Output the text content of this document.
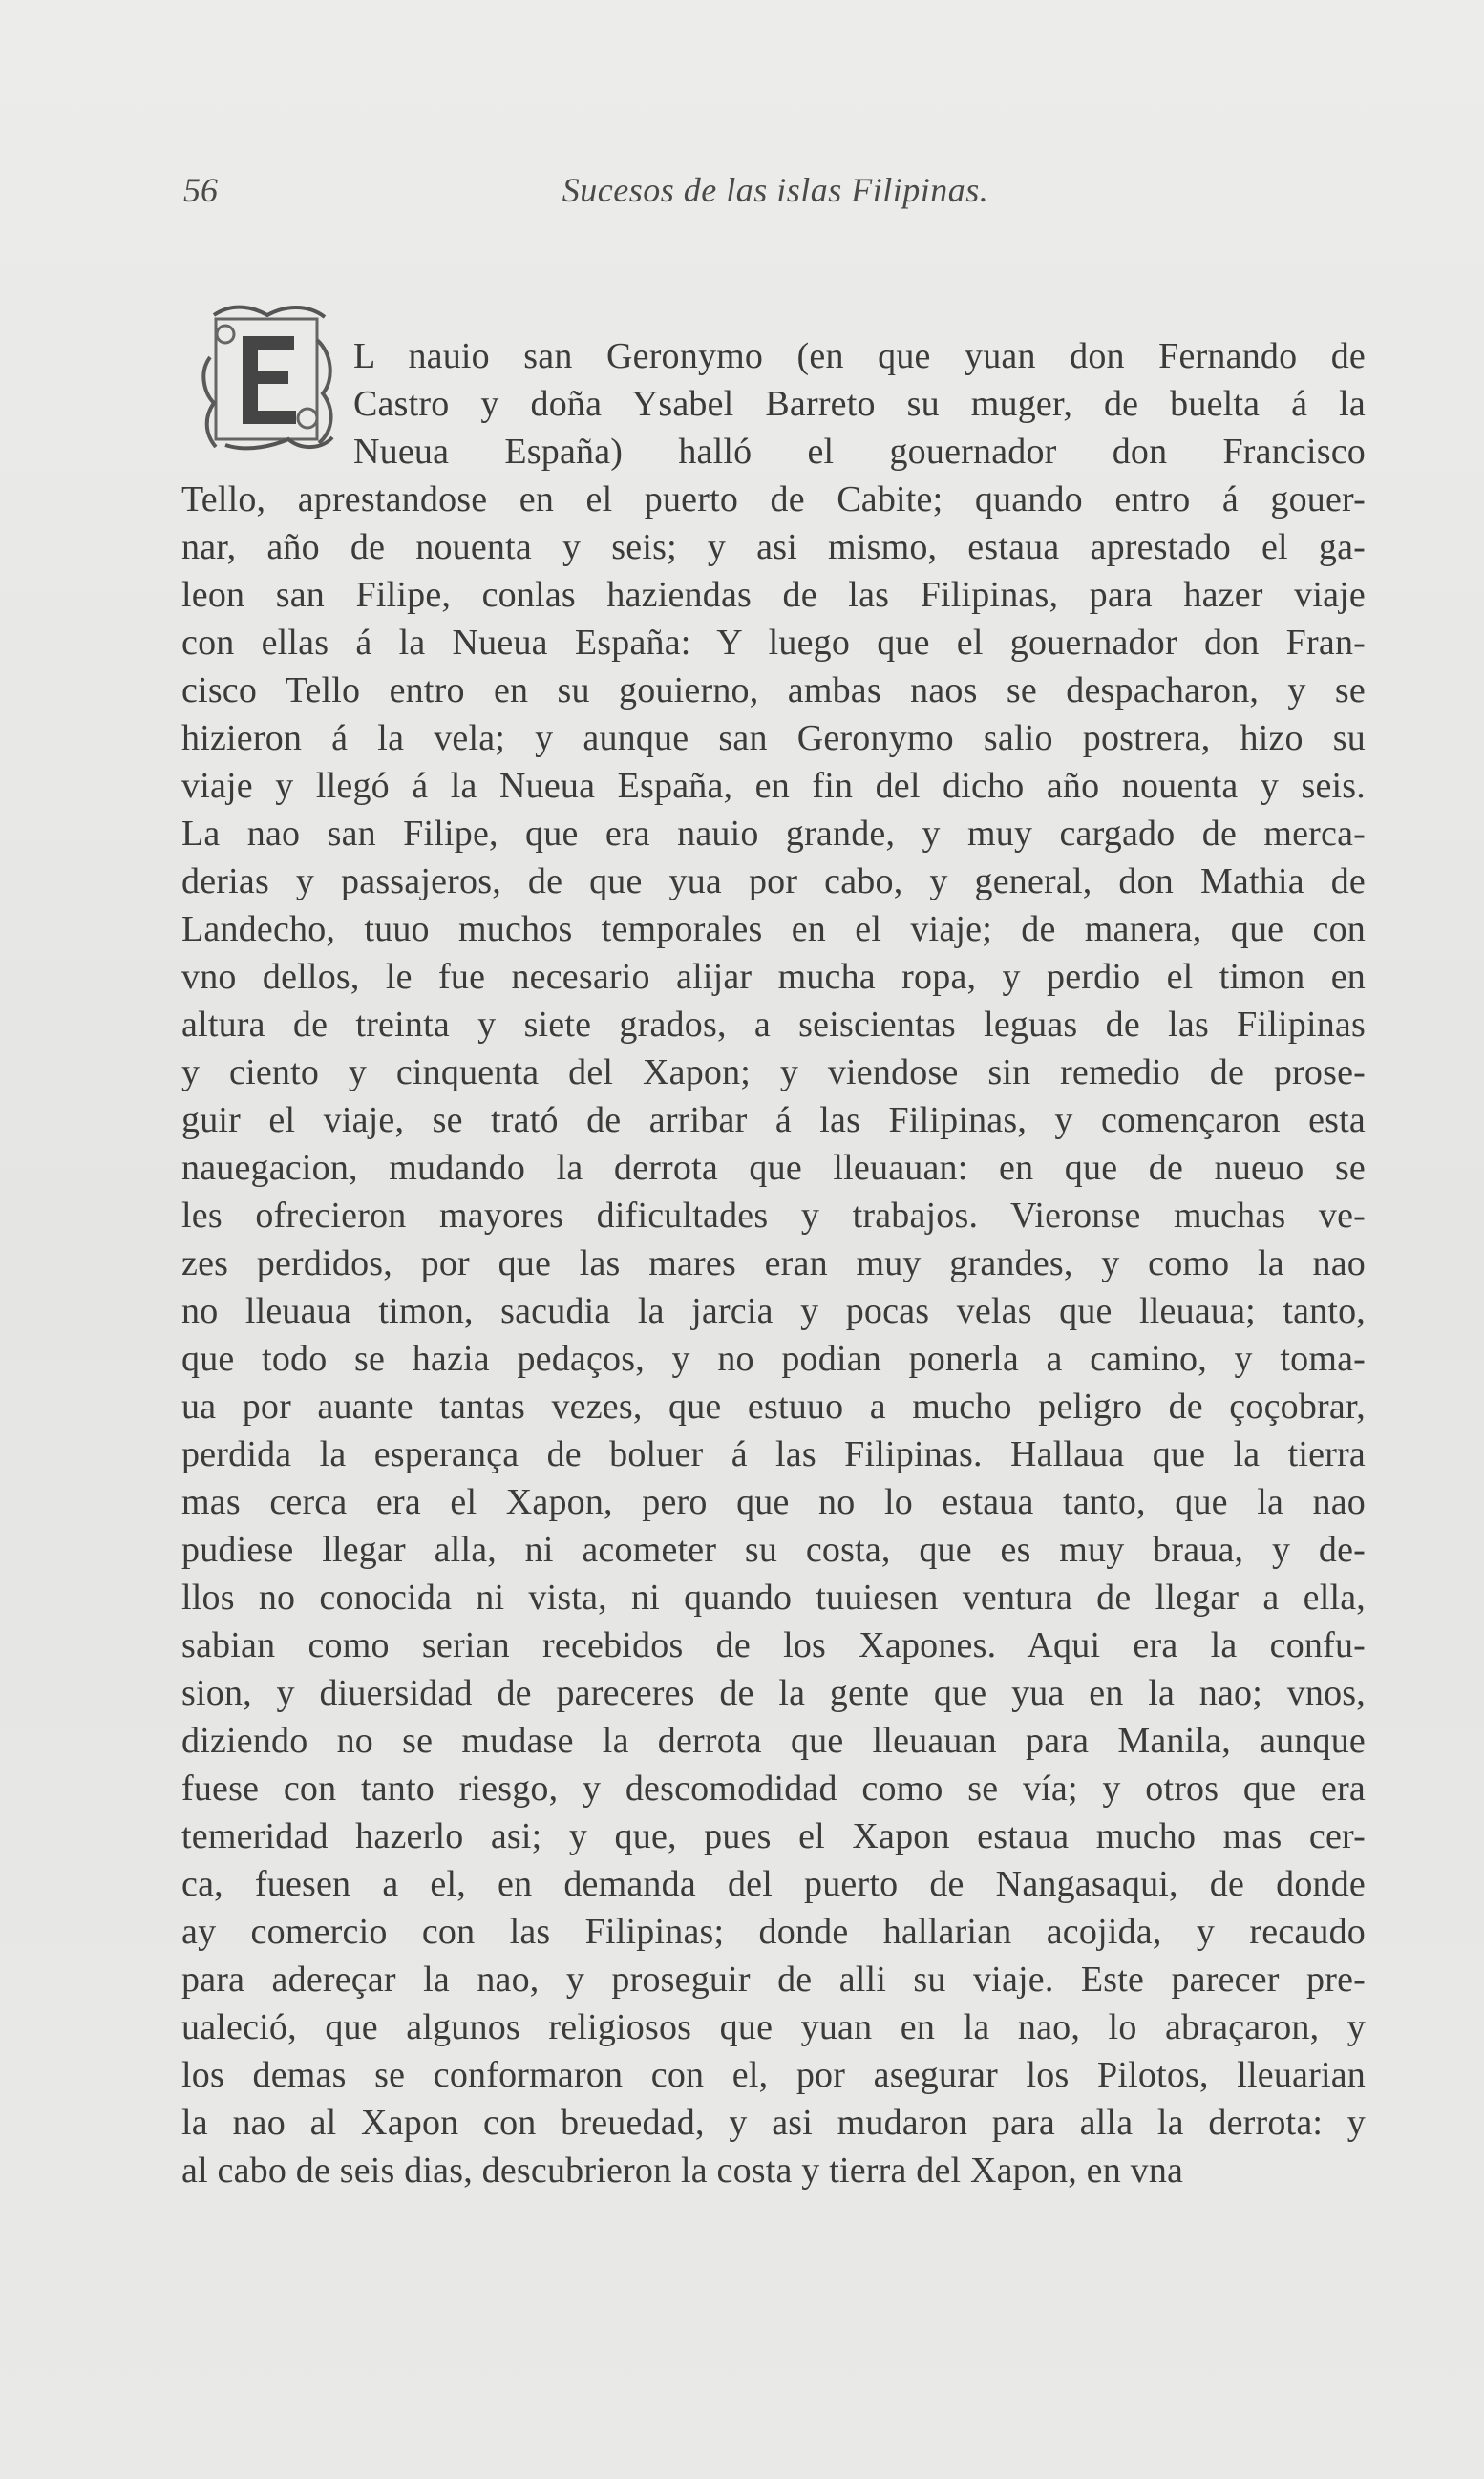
56	Sucesos de las islas Filipinas.
L nauio san Geronymo (en que yuan don Fernando de
Castro y doña Ysabel Barreto su muger, de buelta á la
Nueua España) halló el gouernador don Francisco
Tello, aprestandose en el puerto de Cabite; quando entro á gouer-
nar, año de nouenta y seis; y asi mismo, estaua aprestado el ga-
leon san Filipe, conlas haziendas de las Filipinas, para hazer viaje
con ellas á la Nueua España: Y luego que el gouernador don Fran-
cisco Tello entro en su gouierno, ambas naos se despacharon, y se
hizieron á la vela; y aunque san Geronymo salio postrera, hizo su
viaje y llegó á la Nueua España, en fin del dicho año nouenta y seis.
La nao san Filipe, que era nauio grande, y muy cargado de merca-
derias y passajeros, de que yua por cabo, y general, don Mathia de
Landecho, tuuo muchos temporales en el viaje; de manera, que con
vno dellos, le fue necesario alijar mucha ropa, y perdio el timon en
altura de treinta y siete grados, a seiscientas leguas de las Filipinas
y ciento y cinquenta del Xapon; y viendose sin remedio de prose-
guir el viaje, se trató de arribar á las Filipinas, y començaron esta
nauegacion, mudando la derrota que lleuauan: en que de nueuo se
les ofrecieron mayores dificultades y trabajos. Vieronse muchas ve-
zes perdidos, por que las mares eran muy grandes, y como la nao
no lleuaua timon, sacudia la jarcia y pocas velas que lleuaua; tanto,
que todo se hazia pedaços, y no podian ponerla a camino, y toma-
ua por auante tantas vezes, que estuuo a mucho peligro de çoçobrar,
perdida la esperança de boluer á las Filipinas. Hallaua que la tierra
mas cerca era el Xapon, pero que no lo estaua tanto, que la nao
pudiese llegar alla, ni acometer su costa, que es muy braua, y de-
llos no conocida ni vista, ni quando tuuiesen ventura de llegar a ella,
sabian como serian recebidos de los Xapones. Aqui era la confu-
sion, y diuersidad de pareceres de la gente que yua en la nao; vnos,
diziendo no se mudase la derrota que lleuauan para Manila, aunque
fuese con tanto riesgo, y descomodidad como se vía; y otros que era
temeridad hazerlo asi; y que, pues el Xapon estaua mucho mas cer-
ca, fuesen a el, en demanda del puerto de Nangasaqui, de donde
ay comercio con las Filipinas; donde hallarian acojida, y recaudo
para adereçar la nao, y proseguir de alli su viaje. Este parecer pre-
ualeció, que algunos religiosos que yuan en la nao, lo abraçaron, y
los demas se conformaron con el, por asegurar los Pilotos, lleuarian
la nao al Xapon con breuedad, y asi mudaron para alla la derrota: y
al cabo de seis dias, descubrieron la costa y tierra del Xapon, en vna
